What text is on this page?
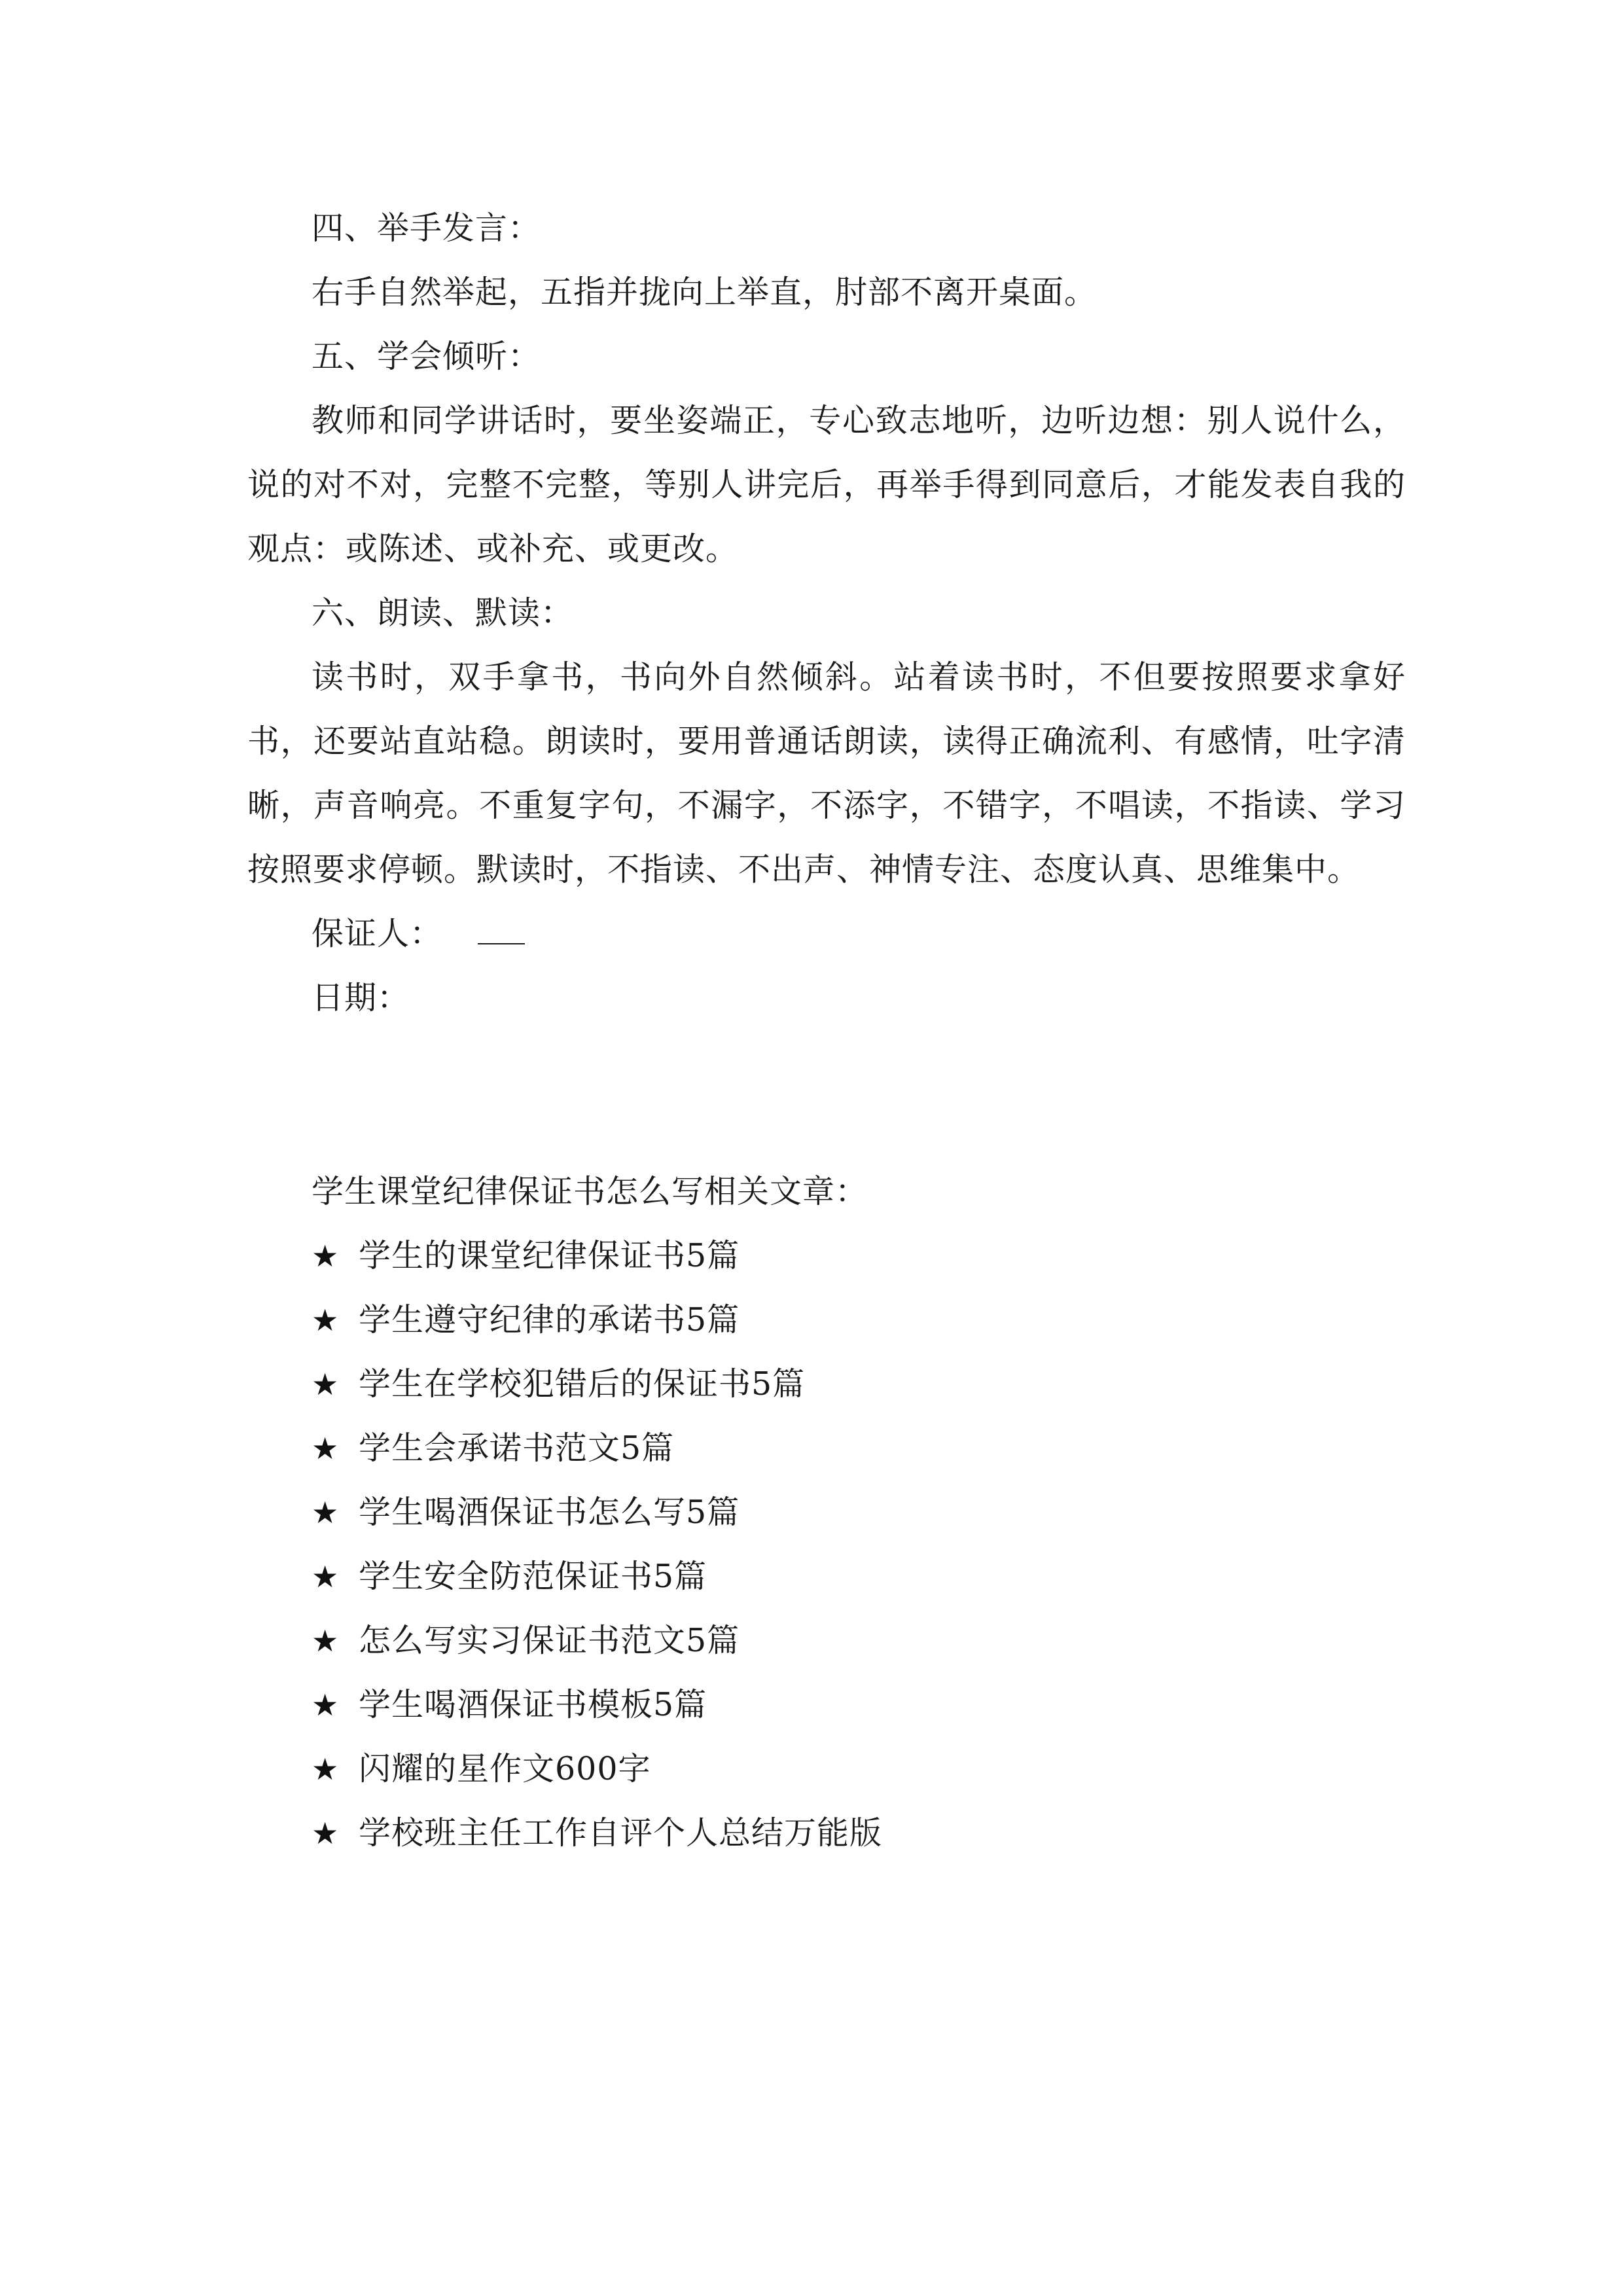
四、举手发言：

右手自然举起，五指并拢向上举直，肘部不离开桌面。

五、学会倾听：

教师和同学讲话时，要坐姿端正，专心致志地听，边听边想：别人说什么，说的对不对，完整不完整，等别人讲完后，再举手得到同意后，才能发表自我的观点：或陈述、或补充、或更改。

六、朗读、默读：

读书时，双手拿书，书向外自然倾斜。站着读书时，不但要按照要求拿好书，还要站直站稳。朗读时，要用普通话朗读，读得正确流利、有感情，吐字清晰，声音响亮。不重复字句，不漏字，不添字，不错字，不唱读，不指读、学习按照要求停顿。默读时，不指读、不出声、神情专注、态度认真、思维集中。

保证人：

日期：

学生课堂纪律保证书怎么写相关文章：

★ 学生的课堂纪律保证书5篇
★ 学生遵守纪律的承诺书5篇
★ 学生在学校犯错后的保证书5篇
★ 学生会承诺书范文5篇
★ 学生喝酒保证书怎么写5篇
★ 学生安全防范保证书5篇
★ 怎么写实习保证书范文5篇
★ 学生喝酒保证书模板5篇
★ 闪耀的星作文600字
★ 学校班主任工作自评个人总结万能版
